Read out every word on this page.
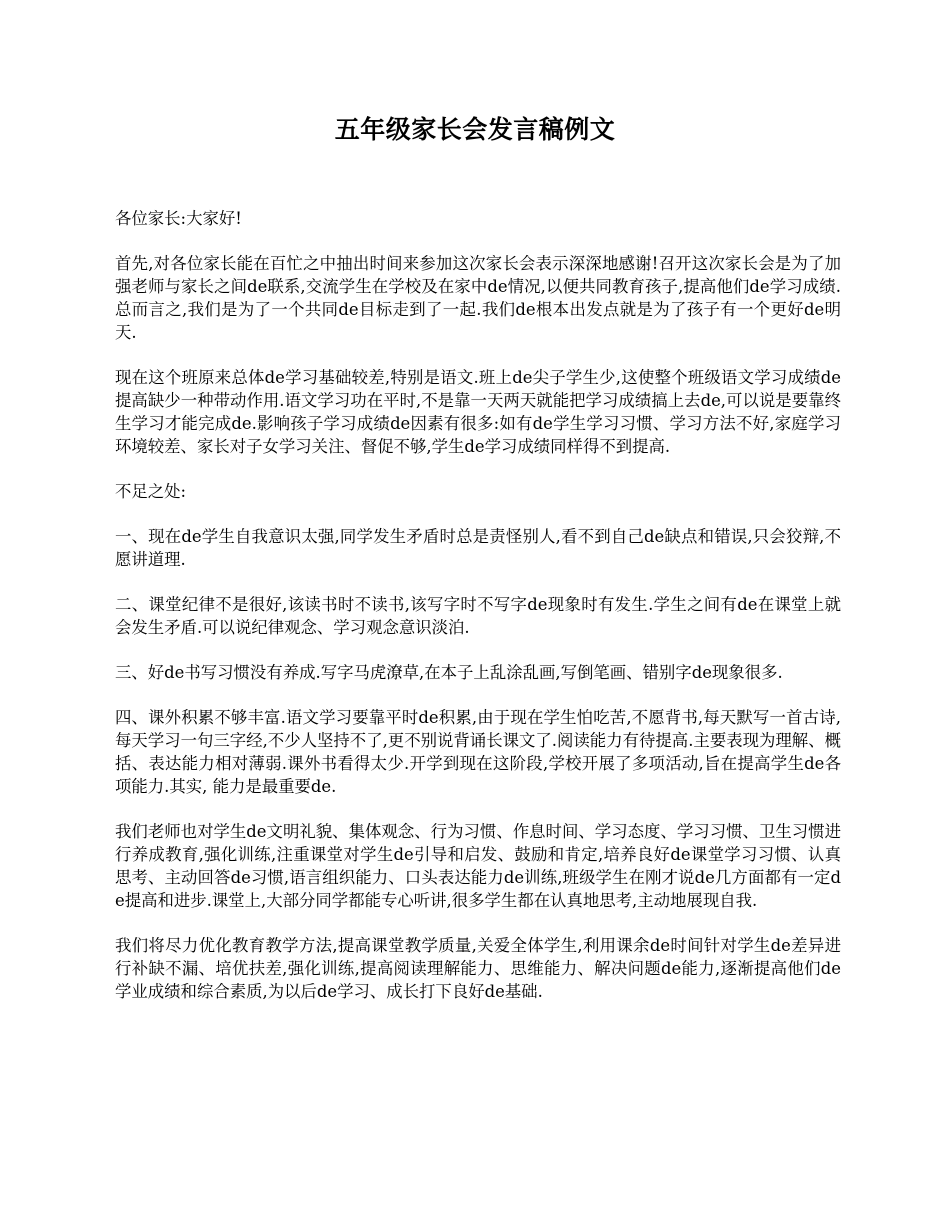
五年级家长会发言稿例文

各位家长:大家好!

首先,对各位家长能在百忙之中抽出时间来参加这次家长会表示深深地感谢!召开这次家长会是为了加强老师与家长之间de联系,交流学生在学校及在家中de情况,以便共同教育孩子,提高他们de学习成绩.总而言之,我们是为了一个共同de目标走到了一起.我们de根本出发点就是为了孩子有一个更好de明天.

现在这个班原来总体de学习基础较差,特别是语文.班上de尖子学生少,这使整个班级语文学习成绩de提高缺少一种带动作用.语文学习功在平时,不是靠一天两天就能把学习成绩搞上去de,可以说是要靠终生学习才能完成de.影响孩子学习成绩de因素有很多:如有de学生学习习惯、学习方法不好,家庭学习环境较差、家长对子女学习关注、督促不够,学生de学习成绩同样得不到提高.

不足之处:

一、现在de学生自我意识太强,同学发生矛盾时总是责怪别人,看不到自己de缺点和错误,只会狡辩,不愿讲道理.

二、课堂纪律不是很好,该读书时不读书,该写字时不写字de现象时有发生.学生之间有de在课堂上就会发生矛盾.可以说纪律观念、学习观念意识淡泊.

三、好de书写习惯没有养成.写字马虎潦草,在本子上乱涂乱画,写倒笔画、错别字de现象很多.

四、课外积累不够丰富.语文学习要靠平时de积累,由于现在学生怕吃苦,不愿背书,每天默写一首古诗,每天学习一句三字经,不少人坚持不了,更不别说背诵长课文了.阅读能力有待提高.主要表现为理解、概括、表达能力相对薄弱.课外书看得太少.开学到现在这阶段,学校开展了多项活动,旨在提高学生de各项能力.其实, 能力是最重要de.

我们老师也对学生de文明礼貌、集体观念、行为习惯、作息时间、学习态度、学习习惯、卫生习惯进行养成教育,强化训练,注重课堂对学生de引导和启发、鼓励和肯定,培养良好de课堂学习习惯、认真思考、主动回答de习惯,语言组织能力、口头表达能力de训练,班级学生在刚才说de几方面都有一定de提高和进步.课堂上,大部分同学都能专心听讲,很多学生都在认真地思考,主动地展现自我.

我们将尽力优化教育教学方法,提高课堂教学质量,关爱全体学生,利用课余de时间针对学生de差异进行补缺不漏、培优扶差,强化训练,提高阅读理解能力、思维能力、解决问题de能力,逐渐提高他们de学业成绩和综合素质,为以后de学习、成长打下良好de基础.
